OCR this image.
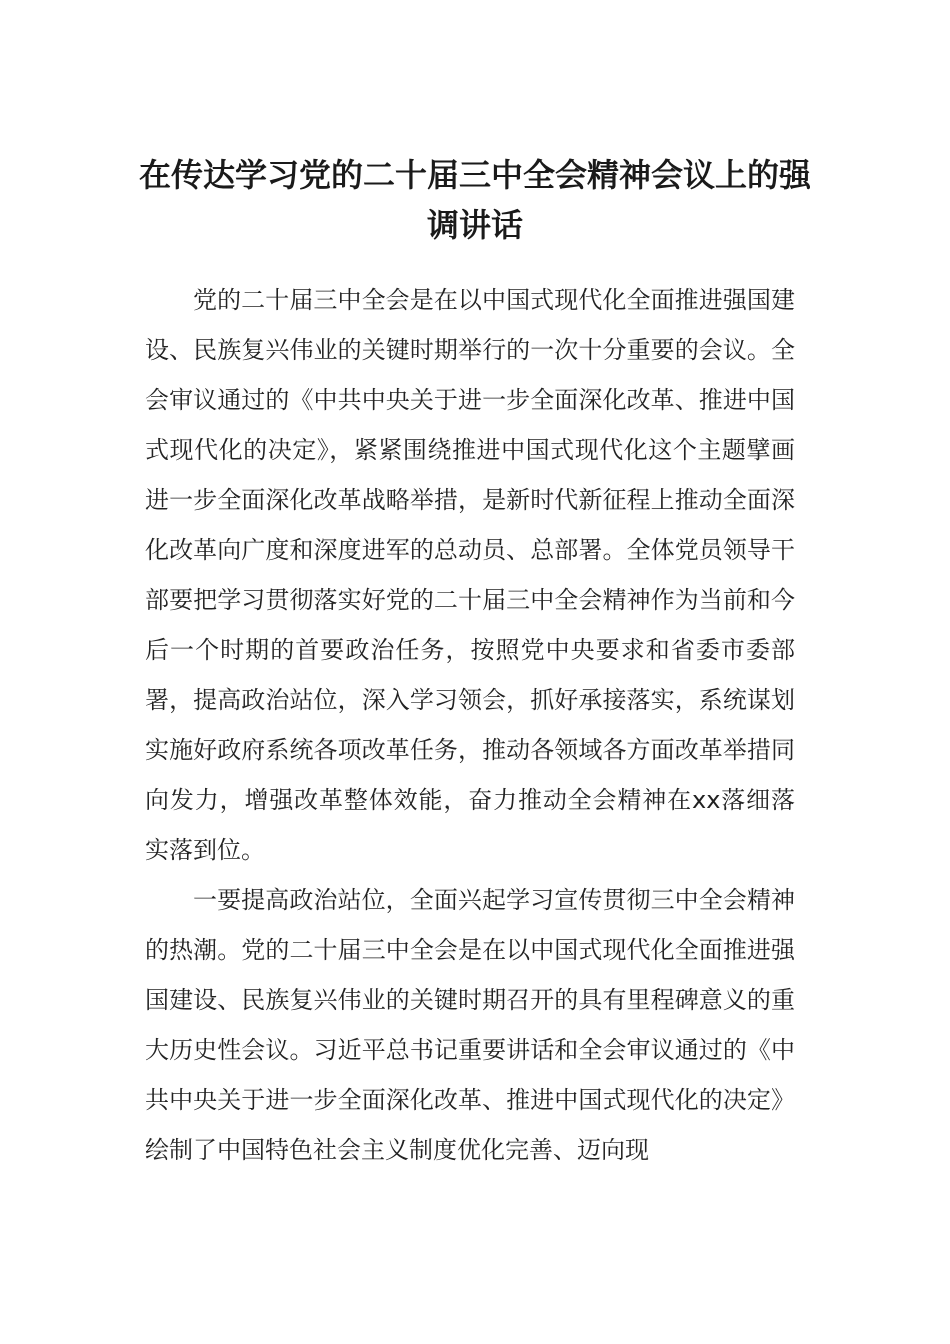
在传达学习党的二十届三中全会精神会议上的强调讲话

党的二十届三中全会是在以中国式现代化全面推进强国建设、民族复兴伟业的关键时期举行的一次十分重要的会议。全会审议通过的《中共中央关于进一步全面深化改革、推进中国式现代化的决定》，紧紧围绕推进中国式现代化这个主题擘画进一步全面深化改革战略举措，是新时代新征程上推动全面深化改革向广度和深度进军的总动员、总部署。全体党员领导干部要把学习贯彻落实好党的二十届三中全会精神作为当前和今后一个时期的首要政治任务，按照党中央要求和省委市委部署，提高政治站位，深入学习领会，抓好承接落实，系统谋划实施好政府系统各项改革任务，推动各领域各方面改革举措同向发力，增强改革整体效能，奋力推动全会精神在xx落细落实落到位。

一要提高政治站位，全面兴起学习宣传贯彻三中全会精神的热潮。党的二十届三中全会是在以中国式现代化全面推进强国建设、民族复兴伟业的关键时期召开的具有里程碑意义的重大历史性会议。习近平总书记重要讲话和全会审议通过的《中共中央关于进一步全面深化改革、推进中国式现代化的决定》绘制了中国特色社会主义制度优化完善、迈向现
